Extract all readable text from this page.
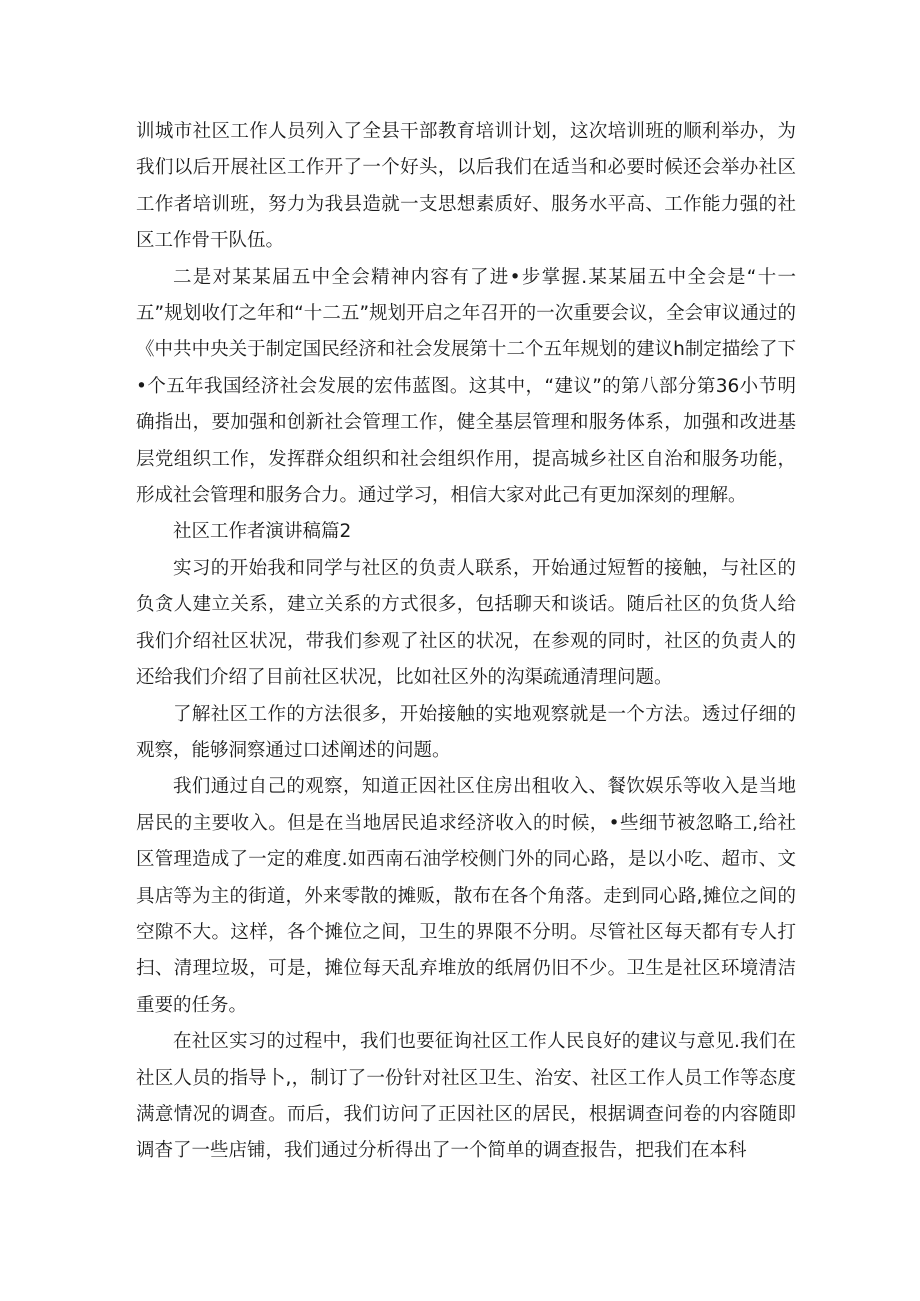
训城市社区工作人员列入了全县干部教育培训计划，这次培训班的顺利举办，为我们以后开展社区工作开了一个好头，以后我们在适当和必要时候还会举办社区工作者培训班，努力为我县造就一支思想素质好、服务水平高、工作能力强的社区工作骨干队伍。

二是对某某届五中全会精神内容有了进•步掌握.某某届五中全会是“十一五”规划收仃之年和“十二五”规划开启之年召开的一次重要会议，全会审议通过的《中共中央关于制定国民经济和社会发展第十二个五年规划的建议h制定描绘了下•个五年我国经济社会发展的宏伟蓝图。这其中，“建议”的第八部分第36小节明确指出，要加强和创新社会管理工作，健全基层管理和服务体系，加强和改进基层党组织工作，发挥群众组织和社会组织作用，提高城乡社区自治和服务功能，形成社会管理和服务合力。通过学习，相信大家对此己有更加深刻的理解。

社区工作者演讲稿篇2

实习的开始我和同学与社区的负责人联系，开始通过短暂的接触，与社区的负贪人建立关系，建立关系的方式很多，包括聊天和谈话。随后社区的负货人给我们介绍社区状况，带我们参观了社区的状况，在参观的同时，社区的负责人的还给我们介绍了目前社区状况，比如社区外的沟渠疏通清理问题。

了解社区工作的方法很多，开始接触的实地观察就是一个方法。透过仔细的观察，能够洞察通过口述阐述的问题。

我们通过自己的观察，知道正因社区住房出租收入、餐饮娱乐等收入是当地居民的主要收入。但是在当地居民追求经济收入的时候，•些细节被忽略工,给社区管理造成了一定的难度.如西南石油学校侧门外的同心路，是以小吃、超市、文具店等为主的街道，外来零散的摊贩，散布在各个角落。走到同心路,摊位之间的空隙不大。这样，各个摊位之间，卫生的界限不分明。尽管社区每天都有专人打扫、清理垃圾，可是，摊位每天乱弃堆放的纸屑仍旧不少。卫生是社区环境清洁重要的任务。

在社区实习的过程中，我们也要征询社区工作人民良好的建议与意见.我们在社区人员的指导卜,，制订了一份针对社区卫生、治安、社区工作人员工作等态度满意情况的调查。而后，我们访问了正因社区的居民，根据调查问卷的内容随即调杳了一些店铺，我们通过分析得出了一个简单的调查报告，把我们在本科
